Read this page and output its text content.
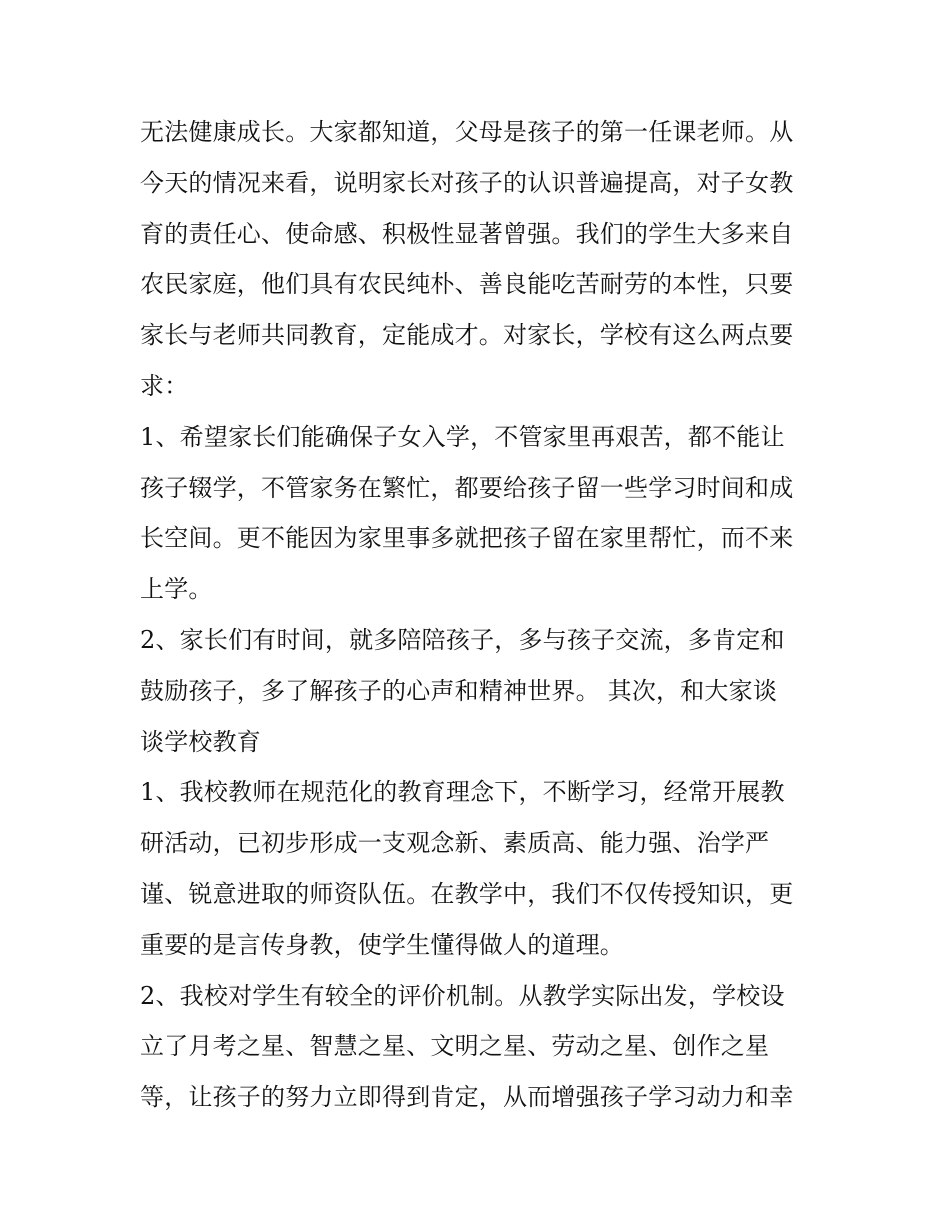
无法健康成长。大家都知道，父母是孩子的第一任课老师。从
今天的情况来看，说明家长对孩子的认识普遍提高，对子女教
育的责任心、使命感、积极性显著曾强。我们的学生大多来自
农民家庭，他们具有农民纯朴、善良能吃苦耐劳的本性，只要
家长与老师共同教育，定能成才。对家长，学校有这么两点要
求：
1、希望家长们能确保子女入学，不管家里再艰苦，都不能让
孩子辍学，不管家务在繁忙，都要给孩子留一些学习时间和成
长空间。更不能因为家里事多就把孩子留在家里帮忙，而不来
上学。
2、家长们有时间，就多陪陪孩子，多与孩子交流，多肯定和
鼓励孩子，多了解孩子的心声和精神世界。 其次，和大家谈
谈学校教育
1、我校教师在规范化的教育理念下，不断学习，经常开展教
研活动，已初步形成一支观念新、素质高、能力强、治学严
谨、锐意进取的师资队伍。在教学中，我们不仅传授知识，更
重要的是言传身教，使学生懂得做人的道理。
2、我校对学生有较全的评价机制。从教学实际出发，学校设
立了月考之星、智慧之星、文明之星、劳动之星、创作之星
等，让孩子的努力立即得到肯定，从而增强孩子学习动力和幸
